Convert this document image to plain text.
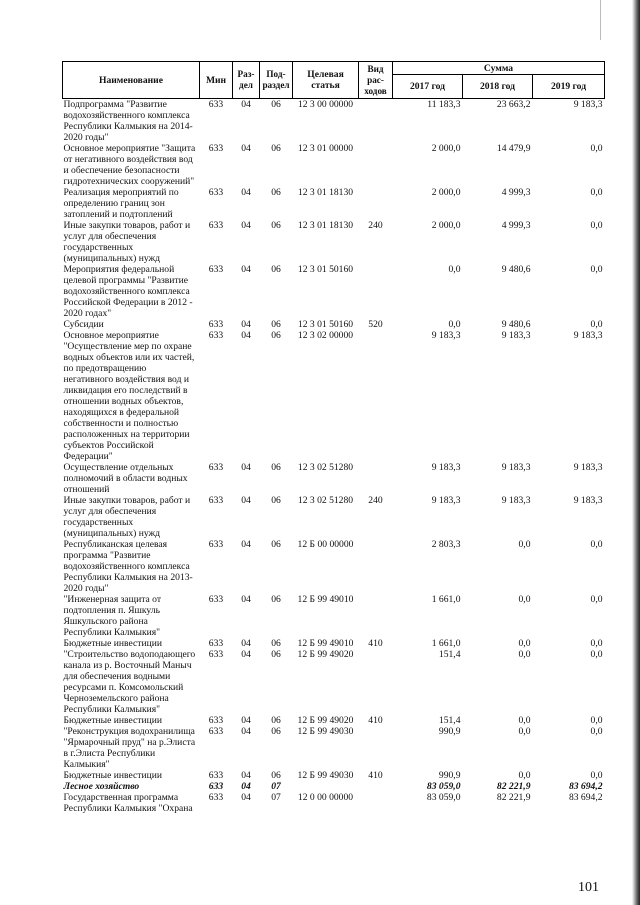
Наименование	Мин	Раз-дел	Под-раздел	Целевая статья	Вид рас-ходов	Сумма		
						2017 год	2018 год	2019 год
Подпрограмма "Развитие водохозяйственного комплекса Республики Калмыкия на 2014-2020 годы"	633	04	06	12 3 00 00000		11 183,3	23 663,2	9 183,3
Основное мероприятие "Защита от негативного воздействия вод и обеспечение безопасности гидротехнических сооружений"	633	04	06	12 3 01 00000		2 000,0	14 479,9	0,0
Реализация мероприятий по определению границ зон затоплений и подтоплений	633	04	06	12 3 01 18130		2 000,0	4 999,3	0,0
Иные закупки товаров, работ и услуг для обеспечения государственных (муниципальных) нужд	633	04	06	12 3 01 18130	240	2 000,0	4 999,3	0,0
Мероприятия федеральной целевой программы "Развитие водохозяйственного комплекса Российской Федерации в 2012 - 2020 годах"	633	04	06	12 3 01 50160		0,0	9 480,6	0,0
Субсидии	633	04	06	12 3 01 50160	520	0,0	9 480,6	0,0
Основное мероприятие "Осуществление мер по охране водных объектов или их частей, по предотвращению негативного воздействия вод и ликвидация его последствий в отношении водных объектов, находящихся в федеральной собственности и полностью расположенных на территории субъектов Российской Федерации"	633	04	06	12 3 02 00000		9 183,3	9 183,3	9 183,3
Осуществление отдельных полномочий в области водных отношений	633	04	06	12 3 02 51280		9 183,3	9 183,3	9 183,3
Иные закупки товаров, работ и услуг для обеспечения государственных (муниципальных) нужд	633	04	06	12 3 02 51280	240	9 183,3	9 183,3	9 183,3
Республиканская целевая программа "Развитие водохозяйственного комплекса Республики Калмыкия на 2013-2020 годы"	633	04	06	12 Б 00 00000		2 803,3	0,0	0,0
"Инженерная защита от подтопления п. Яшкуль Яшкульского района Республики Калмыкия"	633	04	06	12 Б 99 49010		1 661,0	0,0	0,0
Бюджетные инвестиции	633	04	06	12 Б 99 49010	410	1 661,0	0,0	0,0
"Строительство водоподающего канала из р. Восточный Маныч для обеспечения водными ресурсами п. Комсомольский Черноземельского района Республики Калмыкия"	633	04	06	12 Б 99 49020		151,4	0,0	0,0
Бюджетные инвестиции	633	04	06	12 Б 99 49020	410	151,4	0,0	0,0
"Реконструкция водохранилища "Ярмарочный пруд" на р.Элиста в г.Элиста Республики Калмыкия"	633	04	06	12 Б 99 49030		990,9	0,0	0,0
Бюджетные инвестиции	633	04	06	12 Б 99 49030	410	990,9	0,0	0,0
Лесное хозяйство	633	04	07			83 059,0	82 221,9	83 694,2
Государственная программа Республики Калмыкия "Охрана	633	04	07	12 0 00 00000		83 059,0	82 221,9	83 694,2
101
